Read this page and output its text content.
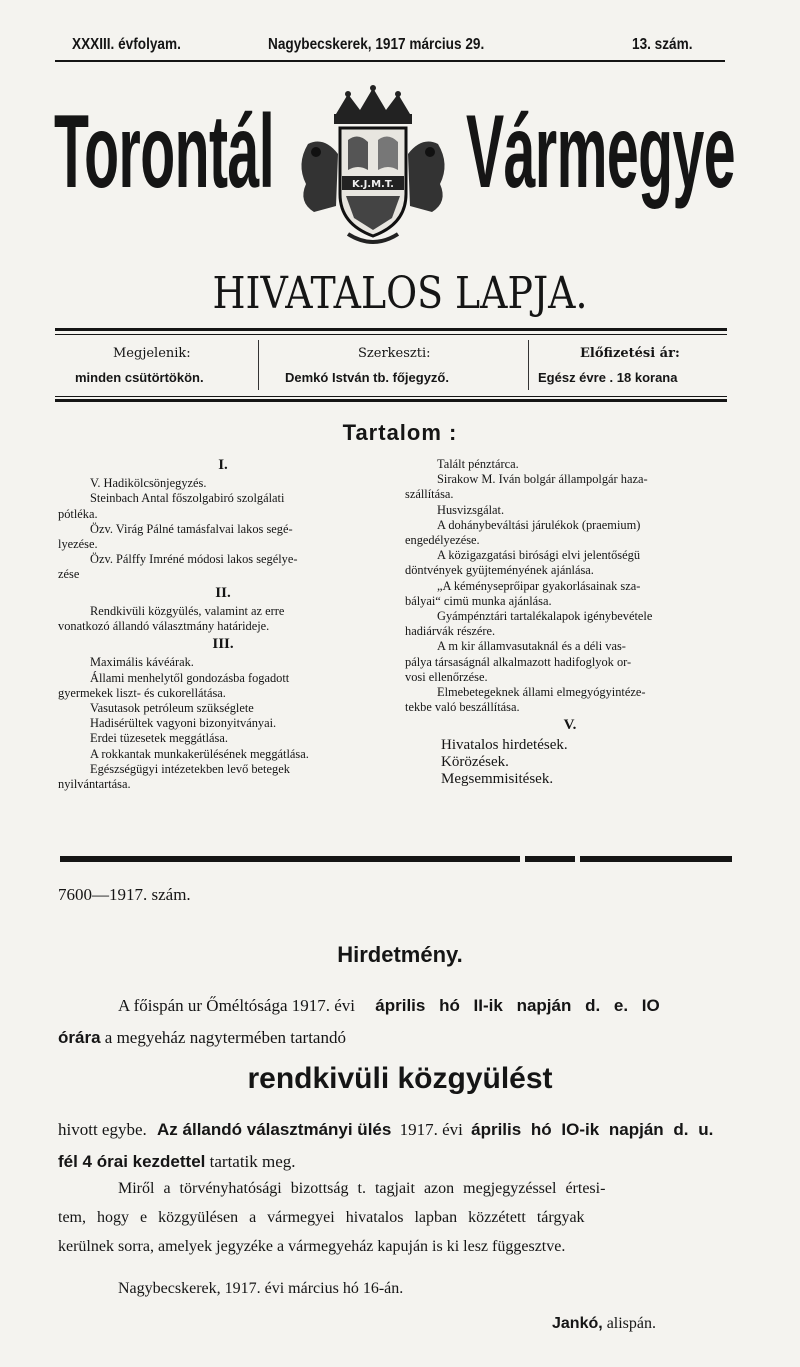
XXXIII. évfolyam.	Nagybecskerek, 1917 március 29.	13. szám.
Torontál Vármegye
K.J.M.T.
HIVATALOS LAPJA.
Megjelenik:
minden csütörtökön.
Szerkeszti:
Demkó István tb. főjegyző.
Előfizetési ár:
Egész évre . 18 korana
Tartalom :
I.
V. Hadikölcsönjegyzés.
Steinbach Antal főszolgabiró szolgálati
pótléka.
Özv. Virág Pálné tamásfalvai lakos segé-
lyezése.
Özv. Pálffy Imréné módosi lakos segélye-
zése
II.
Rendkivüli közgyülés, valamint az erre
vonatkozó állandó választmány határideje.
III.
Maximális kávéárak.
Állami menhelytől gondozásba fogadott
gyermekek liszt- és cukorellátása.
Vasutasok petróleum szükséglete
Hadisérültek vagyoni bizonyitványai.
Erdei tüzesetek meggátlása.
A rokkantak munkakerülésének meggátlása.
Egészségügyi intézetekben levő betegek
nyilvántartása.
Talált pénztárca.
Sirakow M. Iván bolgár állampolgár haza-
szállítása.
Husvizsgálat.
A dohánybeváltási járulékok (praemium)
engedélyezése.
A közigazgatási birósági elvi jelentőségü
döntvények gyüjteményének ajánlása.
„A kéményseprőipar gyakorlásainak sza-
bályai“ cimü munka ajánlása.
Gyámpénztári tartalékalapok igénybevétele
hadiárvák részére.
A m kir államvasutaknál és a déli vas-
pálya társaságnál alkalmazott hadifoglyok or-
vosi ellenőrzése.
Elmebetegeknek állami elmegyógyintéze-
tekbe való beszállítása.
V.
Hivatalos hirdetések.
Körözések.
Megsemmisitések.
7600—1917. szám.
Hirdetmény.
A főispán ur Őméltósága 1917. évi április hó II-ik napján d. e. IO
órára a megyeház nagytermében tartandó
rendkivüli közgyülést
hivott egybe. Az állandó választmányi ülés 1917. évi április hó IO-ik napján d. u.
fél 4 órai kezdettel tartatik meg.
Miről a törvényhatósági bizottság t. tagjait azon megjegyzéssel értesi-
tem, hogy e közgyülésen a vármegyei hivatalos lapban közzétett tárgyak
kerülnek sorra, amelyek jegyzéke a vármegyeház kapuján is ki lesz függesztve.
Nagybecskerek, 1917. évi március hó 16-án.
Jankó, alispán.
